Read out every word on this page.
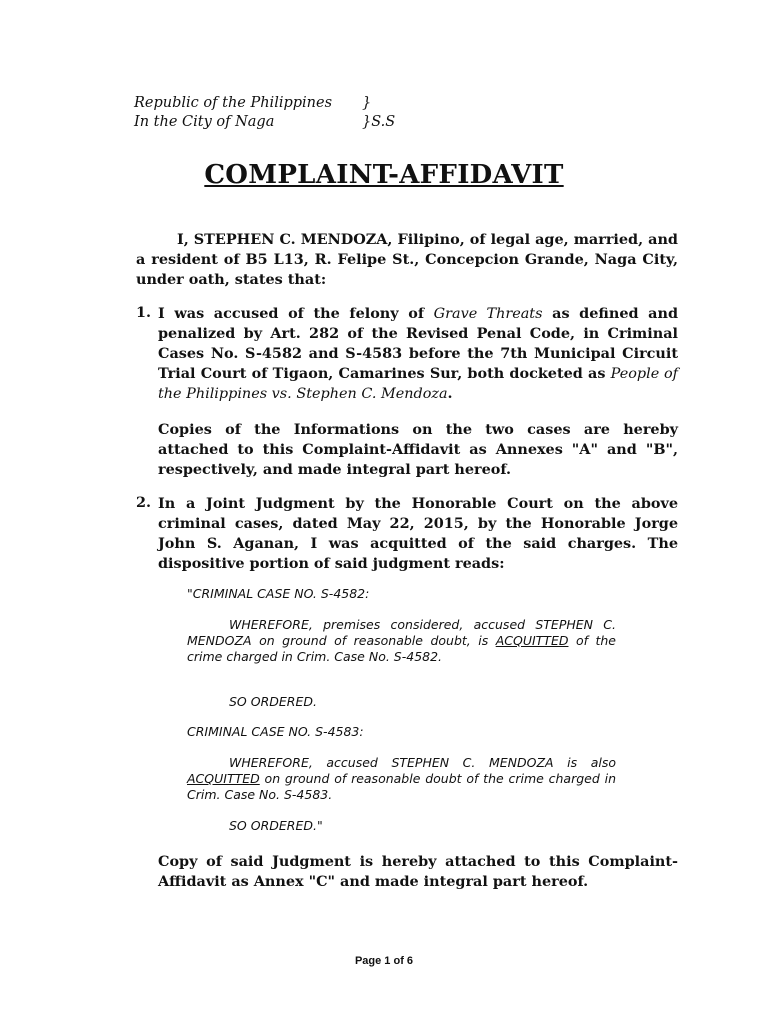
Republic of the Philippines }
In the City of Naga	}S.S
COMPLAINT-AFFIDAVIT
I, STEPHEN C. MENDOZA, Filipino, of legal age, married, and a resident of B5 L13, R. Felipe St., Concepcion Grande, Naga City, under oath, states that:
1. I was accused of the felony of Grave Threats as defined and penalized by Art. 282 of the Revised Penal Code, in Criminal Cases No. S-4582 and S-4583 before the 7th Municipal Circuit Trial Court of Tigaon, Camarines Sur, both docketed as People of the Philippines vs. Stephen C. Mendoza.
Copies of the Informations on the two cases are hereby attached to this Complaint-Affidavit as Annexes "A" and "B", respectively, and made integral part hereof.
2. In a Joint Judgment by the Honorable Court on the above criminal cases, dated May 22, 2015, by the Honorable Jorge John S. Aganan, I was acquitted of the said charges. The dispositive portion of said judgment reads:
"CRIMINAL CASE NO. S-4582:
WHEREFORE, premises considered, accused STEPHEN C. MENDOZA on ground of reasonable doubt, is ACQUITTED of the crime charged in Crim. Case No. S-4582.
SO ORDERED.
CRIMINAL CASE NO. S-4583:
WHEREFORE, accused STEPHEN C. MENDOZA is also ACQUITTED on ground of reasonable doubt of the crime charged in Crim. Case No. S-4583.
SO ORDERED."
Copy of said Judgment is hereby attached to this Complaint-Affidavit as Annex "C" and made integral part hereof.
Page 1 of 6
